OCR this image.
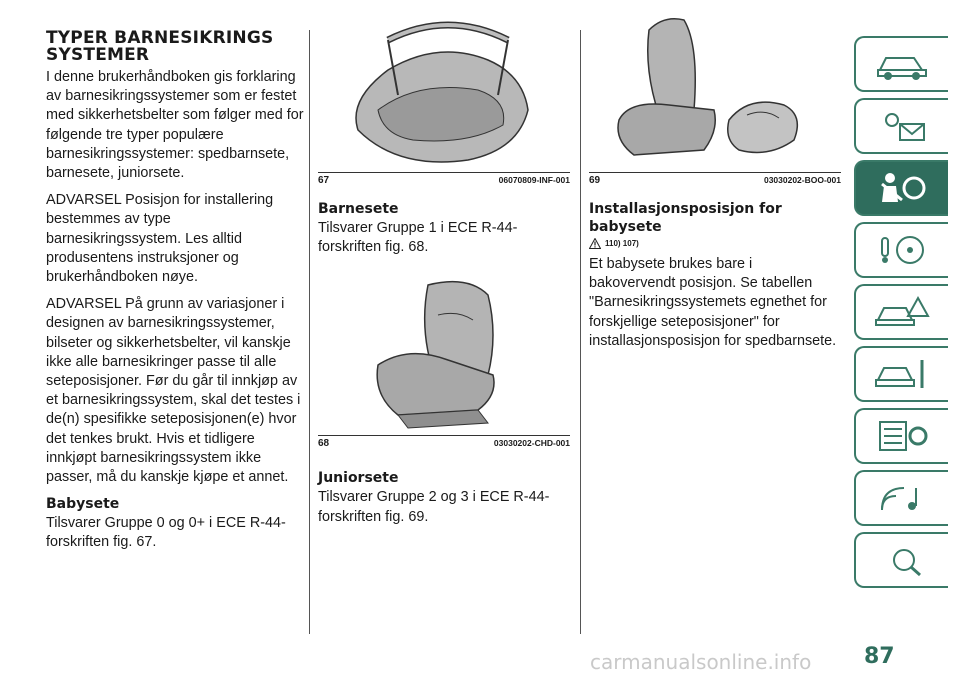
TYPER BARNESIKRINGS SYSTEMER

I denne brukerhåndboken gis forklaring av barnesikringssystemer som er festet med sikkerhetsbelter som følger med for følgende tre typer populære barnesikringssystemer: spedbarnsete, barnesete, juniorsete.

ADVARSEL Posisjon for installering bestemmes av type barnesikringssystem. Les alltid produsentens instruksjoner og brukerhåndboken nøye.

ADVARSEL På grunn av variasjoner i designen av barnesikringssystemer, bilseter og sikkerhetsbelter, vil kanskje ikke alle barnesikringer passe til alle seteposisjoner. Før du går til innkjøp av et barnesikringssystem, skal det testes i de(n) spesifikke seteposisjonen(e) hvor det tenkes brukt. Hvis et tidligere innkjøpt barnesikringssystem ikke passer, må du kanskje kjøpe et annet.

Babysete

Tilsvarer Gruppe 0 og 0+ i ECE R-44-forskriften fig. 67.

67	06070809-INF-001
Barnesete

Tilsvarer Gruppe 1 i ECE R-44-forskriften fig. 68.

68	03030202-CHD-001
Juniorsete

Tilsvarer Gruppe 2 og 3 i ECE R-44-forskriften fig. 69.

69	03030202-BOO-001
Installasjonsposisjon for babysete
110) 107)

Et babysete brukes bare i bakovervendt posisjon. Se tabellen "Barnesikringssystemets egnethet for forskjellige seteposisjoner" for installasjonsposisjon for spedbarnsete.

87
carmanualsonline.info
